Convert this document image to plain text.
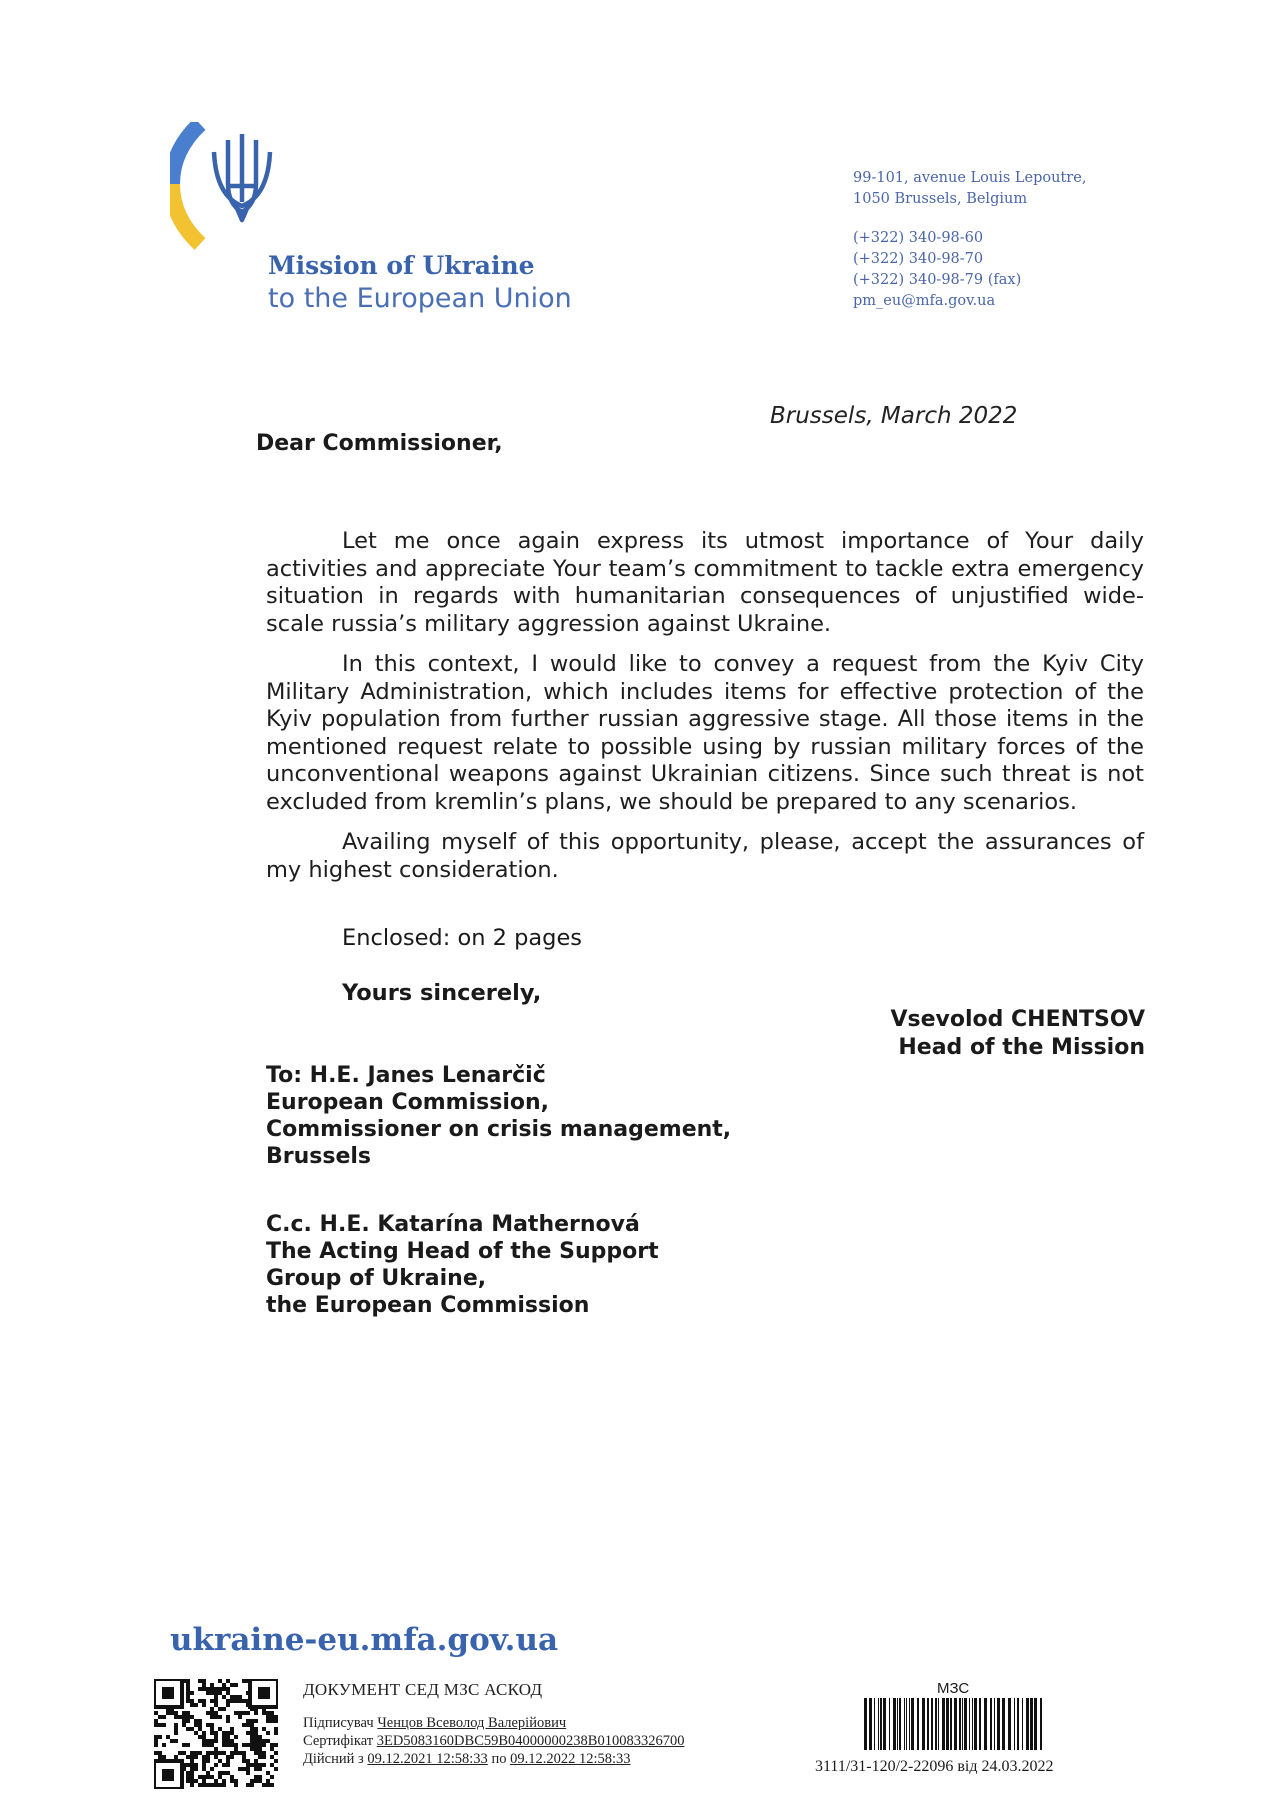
Mission of Ukraine
to the European Union
99-101, avenue Louis Lepoutre,
1050 Brussels, Belgium
(+322) 340-98-60
(+322) 340-98-70
(+322) 340-98-79 (fax)
pm_eu@mfa.gov.ua
Brussels, March 2022
Dear Commissioner,

Let me once again express its utmost importance of Your daily activities and appreciate Your team’s commitment to tackle extra emergency situation in regards with humanitarian consequences of unjustified wide-scale russia’s military aggression against Ukraine.

In this context, I would like to convey a request from the Kyiv City Military Administration, which includes items for effective protection of the Kyiv population from further russian aggressive stage. All those items in the mentioned request relate to possible using by russian military forces of the unconventional weapons against Ukrainian citizens. Since such threat is not excluded from kremlin’s plans, we should be prepared to any scenarios.

Availing myself of this opportunity, please, accept the assurances of my highest consideration.

Enclosed: on 2 pages
Yours sincerely,
Vsevolod CHENTSOV
Head of the Mission
To: H.E. Janes Lenarčič
European Commission,
Commissioner on crisis management,
Brussels
C.c. H.E. Katarína Mathernová
The Acting Head of the Support
Group of Ukraine,
the European Commission
ukraine-eu.mfa.gov.ua
ДОКУМЕНТ СЕД МЗС АСКОД
Підписувач Ченцов Всеволод Валерійович
Сертифікат 3ED5083160DBC59B04000000238B010083326700
Дійсний з 09.12.2021 12:58:33 по 09.12.2022 12:58:33
МЗС
3111/31-120/2-22096 від 24.03.2022
